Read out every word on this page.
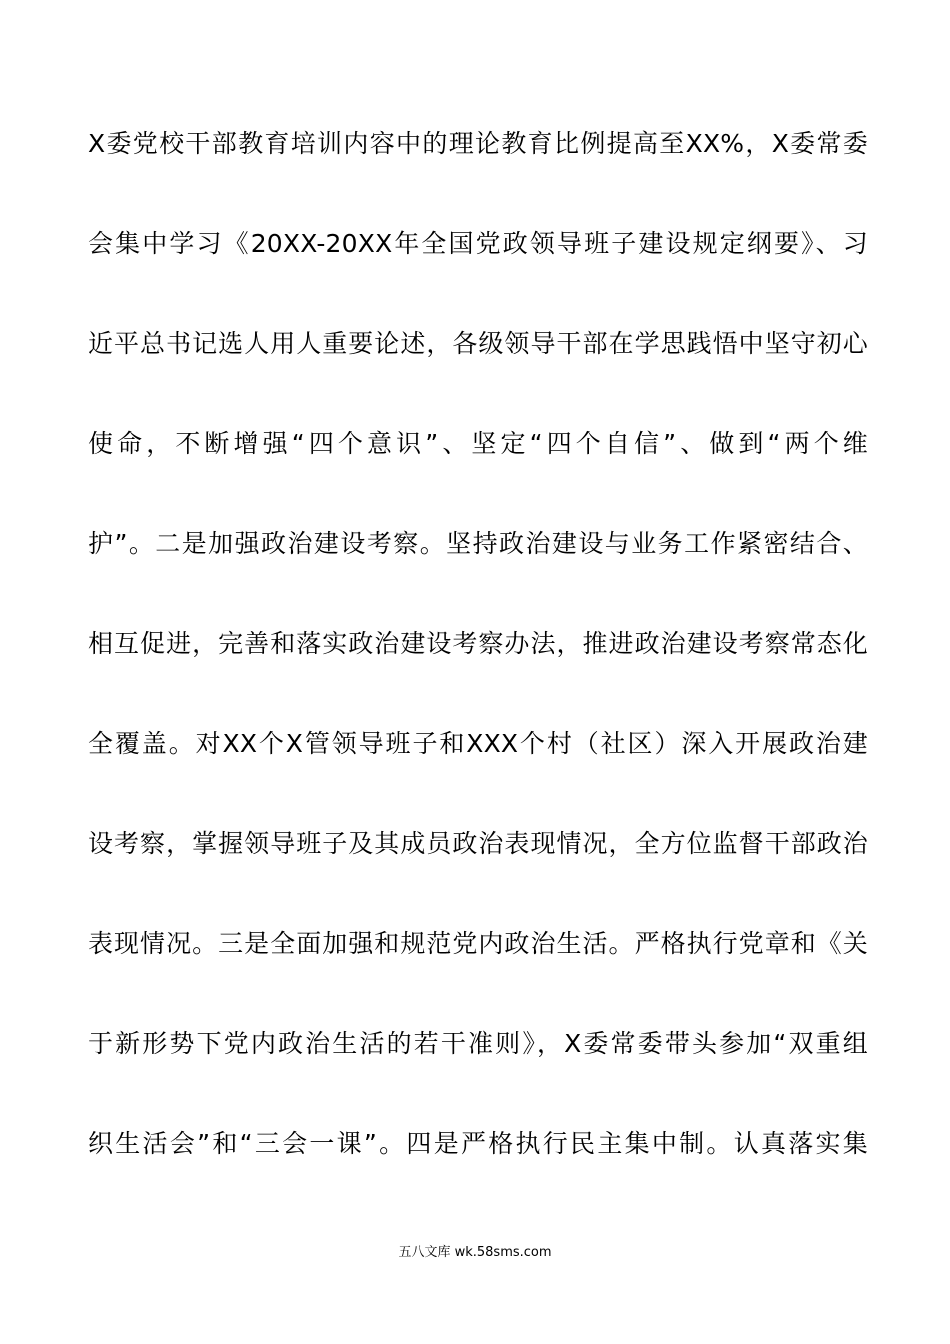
X委党校干部教育培训内容中的理论教育比例提高至XX%，X委常委
会集中学习《20XX-20XX年全国党政领导班子建设规定纲要》、习
近平总书记选人用人重要论述，各级领导干部在学思践悟中坚守初心
使命，不断增强“四个意识”、坚定“四个自信”、做到“两个维
护”。二是加强政治建设考察。坚持政治建设与业务工作紧密结合、
相互促进，完善和落实政治建设考察办法，推进政治建设考察常态化
全覆盖。对XX个X管领导班子和XXX个村（社区）深入开展政治建
设考察，掌握领导班子及其成员政治表现情况，全方位监督干部政治
表现情况。三是全面加强和规范党内政治生活。严格执行党章和《关
于新形势下党内政治生活的若干准则》，X委常委带头参加“双重组
织生活会”和“三会一课”。四是严格执行民主集中制。认真落实集
五八文库 wk.58sms.com
